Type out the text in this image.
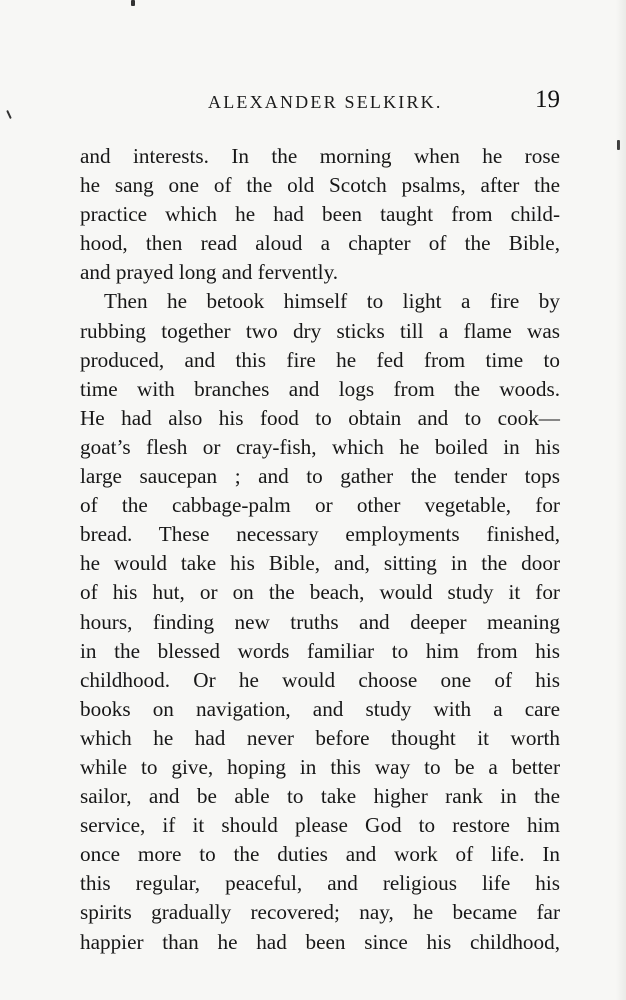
ALEXANDER SELKIRK.	19
and interests. In the morning when he rose
he sang one of the old Scotch psalms, after the
practice which he had been taught from child-
hood, then read aloud a chapter of the Bible,
and prayed long and fervently.
Then he betook himself to light a fire by
rubbing together two dry sticks till a flame was
produced, and this fire he fed from time to
time with branches and logs from the woods.
He had also his food to obtain and to cook—
goat’s flesh or cray-fish, which he boiled in his
large saucepan ; and to gather the tender tops
of the cabbage-palm or other vegetable, for
bread. These necessary employments finished,
he would take his Bible, and, sitting in the door
of his hut, or on the beach, would study it for
hours, finding new truths and deeper meaning
in the blessed words familiar to him from his
childhood. Or he would choose one of his
books on navigation, and study with a care
which he had never before thought it worth
while to give, hoping in this way to be a better
sailor, and be able to take higher rank in the
service, if it should please God to restore him
once more to the duties and work of life. In
this regular, peaceful, and religious life his
spirits gradually recovered; nay, he became far
happier than he had been since his childhood,
